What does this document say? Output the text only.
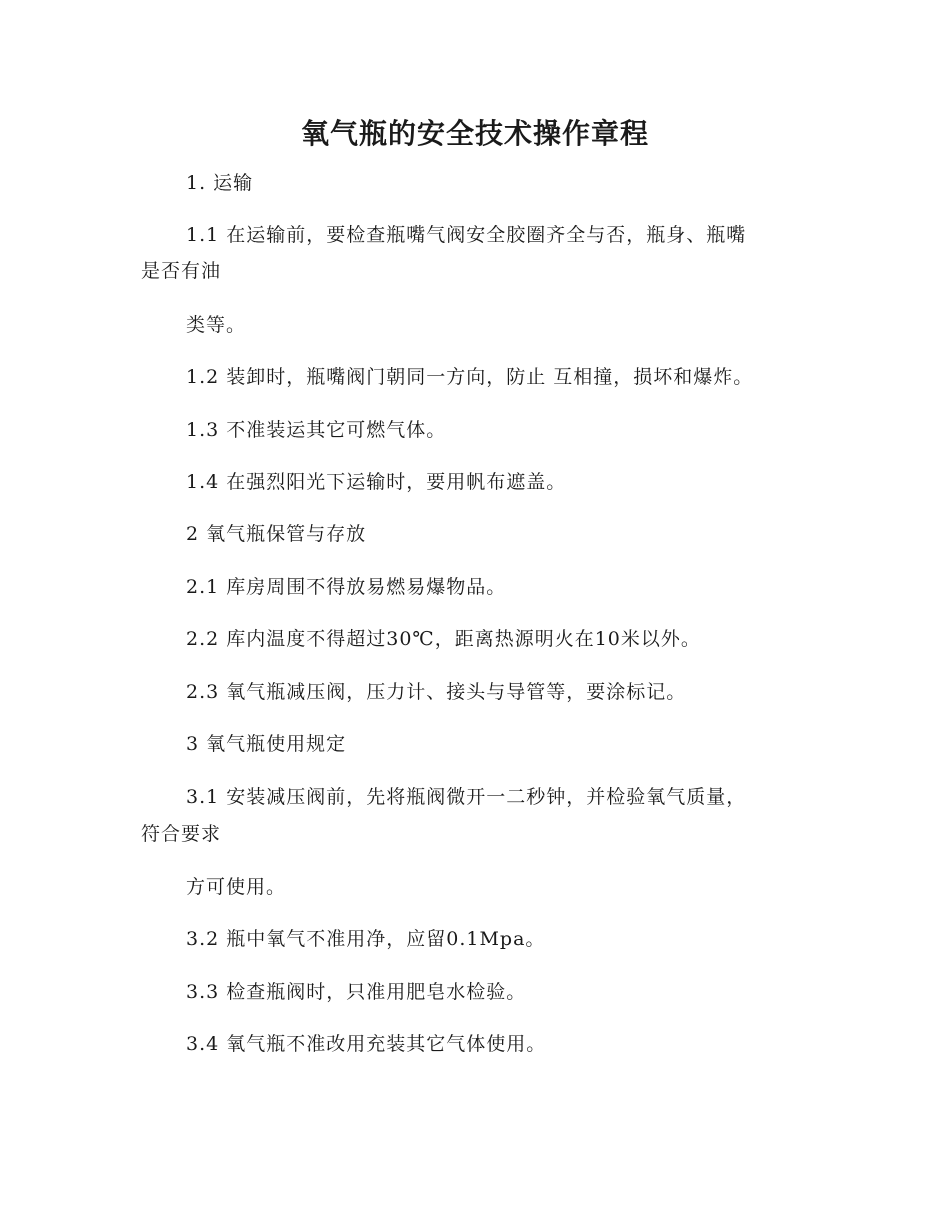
氧气瓶的安全技术操作章程

1. 运输

1.1 在运输前，要检查瓶嘴气阀安全胶圈齐全与否，瓶身、瓶嘴

是否有油

类等。

1.2 装卸时，瓶嘴阀门朝同一方向，防止 互相撞，损坏和爆炸。

1.3 不准装运其它可燃气体。

1.4 在强烈阳光下运输时，要用帆布遮盖。

2 氧气瓶保管与存放

2.1 库房周围不得放易燃易爆物品。

2.2 库内温度不得超过30℃，距离热源明火在10米以外。

2.3 氧气瓶减压阀，压力计、接头与导管等，要涂标记。

3 氧气瓶使用规定

3.1 安装减压阀前，先将瓶阀微开一二秒钟，并检验氧气质量，

符合要求

方可使用。

3.2 瓶中氧气不准用净，应留0.1Mpa。

3.3 检查瓶阀时，只准用肥皂水检验。

3.4 氧气瓶不准改用充装其它气体使用。
